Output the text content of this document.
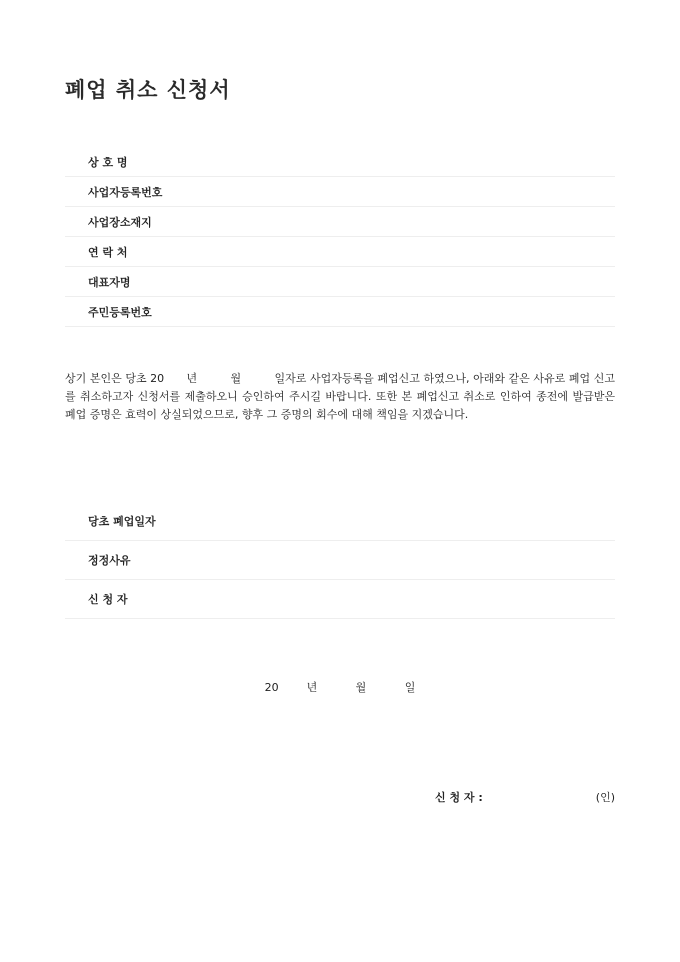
폐업 취소 신청서
상 호 명
사업자등록번호
사업장소재지
연 락 처
대표자명
주민등록번호

상기 본인은 당초 20　　년　　　월　　　일자로 사업자등록을 폐업신고 하였으나, 아래와 같은 사유로 폐업 신고를 취소하고자 신청서를 제출하오니 승인하여 주시길 바랍니다. 또한 본 폐업신고 취소로 인하여 종전에 발급받은 폐업 증명은 효력이 상실되었으므로, 향후 그 증명의 회수에 대해 책임을 지겠습니다.

당초 폐업일자
정정사유
신 청 자
20        년           월           일
신 청 자 :	(인)
